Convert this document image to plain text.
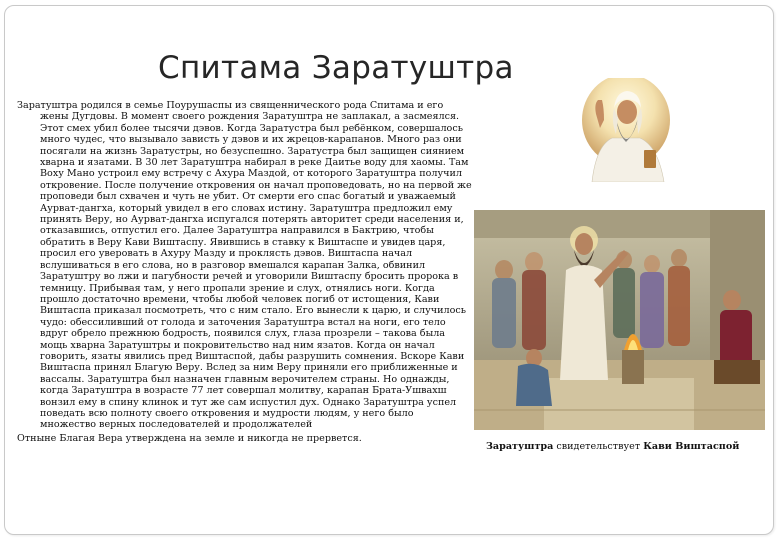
Спитама Заратуштра

Заратуштра родился в семье Поурушаспы из священнического рода Спитама и его жены Дугдовы. В момент своего рождения Заратуштра не заплакал, а засмеялся. Этот смех убил более тысячи дэвов. Когда Заратустра был ребёнком, совершалось много чудес, что вызывало зависть у дэвов и их жрецов-карапанов. Много раз они посягали на жизнь Заратустры, но безуспешно. Заратустра был защищен сиянием хварна и язатами. В 30 лет Заратуштра набирал в реке Даитье воду для хаомы. Там Воху Мано устроил ему встречу с Ахура Маздой, от которого Заратуштра получил откровение. После получение откровения он начал проповедовать, но на первой же проповеди был схвачен и чуть не убит. От смерти его спас богатый и уважаемый Аурват-дангха, который увидел в его словах истину. Заратуштра предложил ему принять Веру, но Аурват-дангха испугался потерять авторитет среди населения и, отказавшись, отпустил его. Далее Заратуштра направился в Бактрию, чтобы обратить в Веру Кави Виштаспу. Явившись в ставку к Виштаспе и увидев царя, просил его уверовать в Ахуру Мазду и проклясть дэвов. Виштаспа начал вслушиваться в его слова, но в разговор вмешался карапан Залка, обвинил Заратуштру во лжи и пагубности речей и уговорили Виштаспу бросить пророка в темницу. Прибывая там, у него пропали зрение и слух, отнялись ноги. Когда прошло достаточно времени, чтобы любой человек погиб от истощения, Кави Виштаспа приказал посмотреть, что с ним стало. Его вынесли к царю, и случилось чудо: обессиливший от голода и заточения Заратуштра встал на ноги, его тело вдруг обрело прежнюю бодрость, появился слух, глаза прозрели – такова была мощь хварна Заратуштры и покровительство над ним язатов. Когда он начал говорить, язаты явились пред Виштаспой, дабы разрушить сомнения. Вскоре Кави Виштаспа принял Благую Веру. Вслед за ним Веру приняли его приближенные и вассалы. Заратуштра был назначен главным верочителем страны. Но однажды, когда Заратуштра в возрасте 77 лет совершал молитву, карапан Брата-Ушвахш вонзил ему в спину клинок и тут же сам испустил дух. Однако Заратуштра успел поведать всю полноту своего откровения и мудрости людям, у него было множество верных последователей и продолжателей

Отныне Благая Вера утверждена на земле и никогда не прервется.

Заратуштра свидетельствует Кави Виштаспой
